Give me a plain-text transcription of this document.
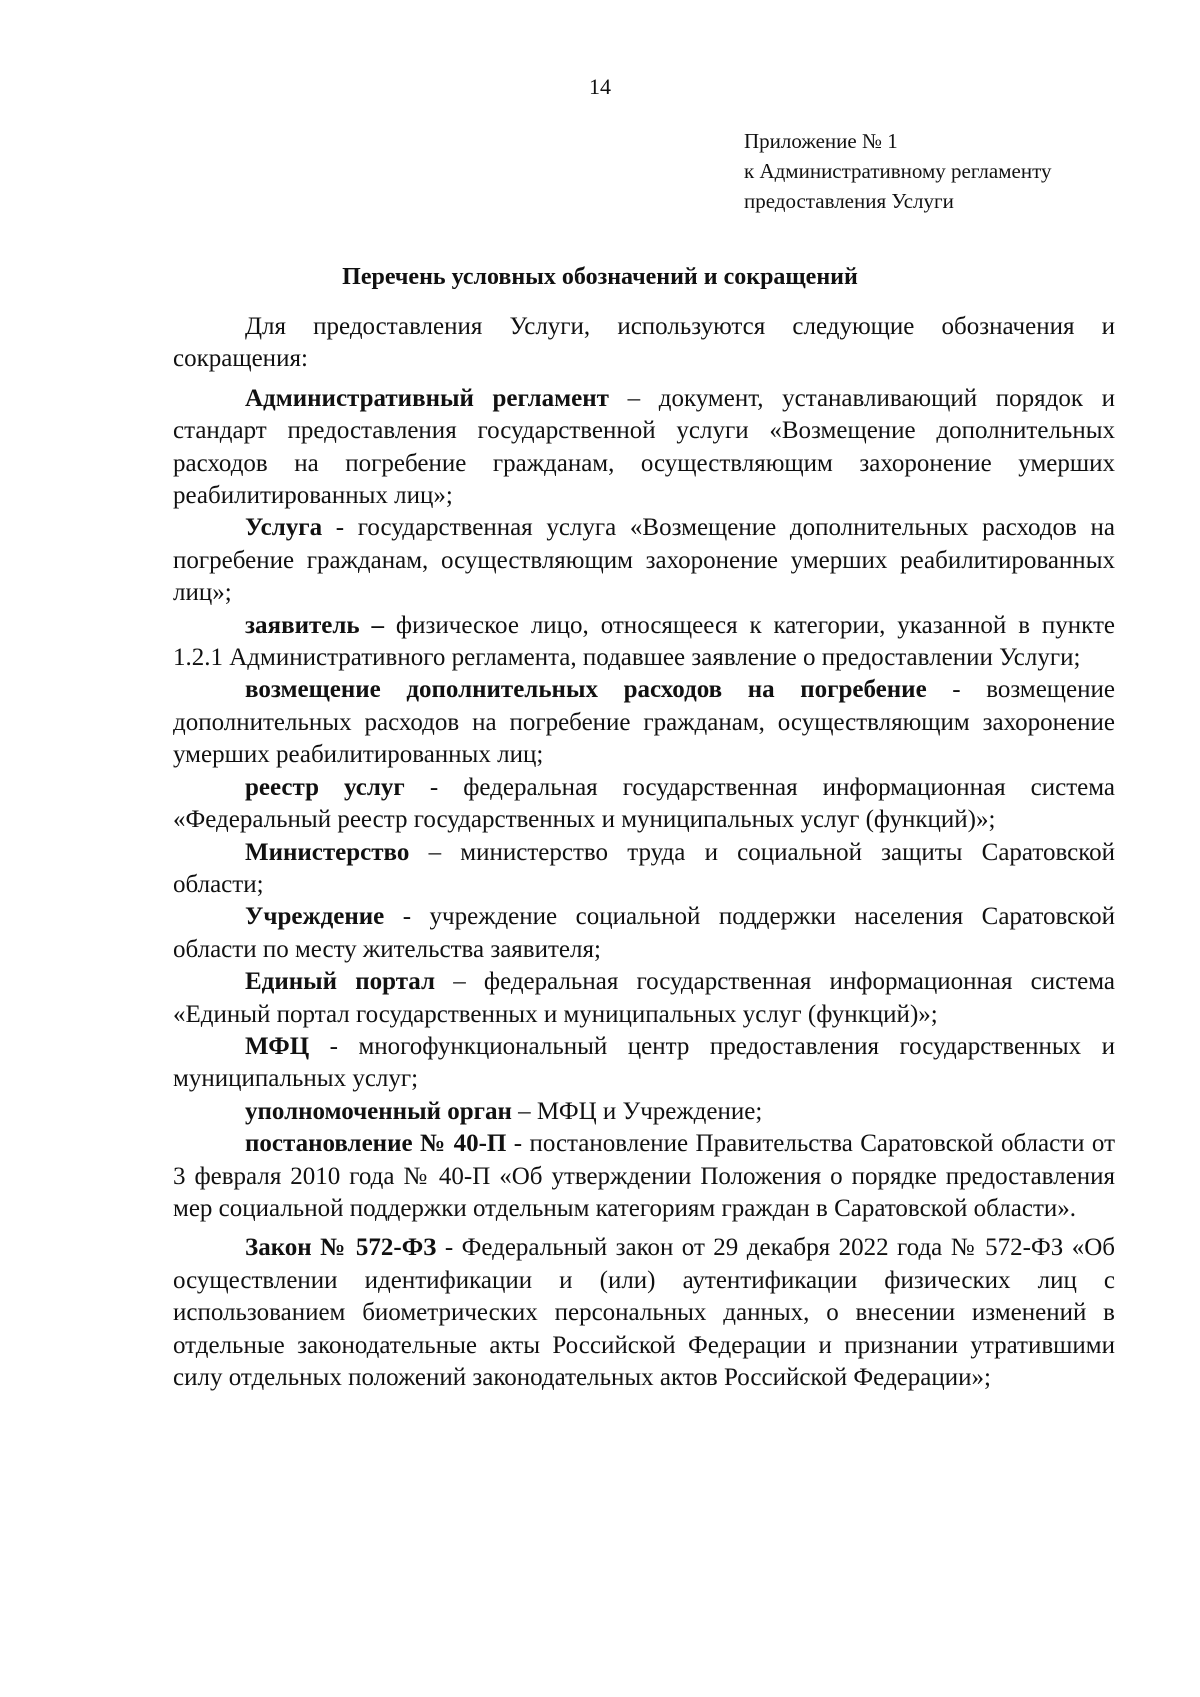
14
Приложение № 1
к Административному регламенту
предоставления Услуги
Перечень условных обозначений и сокращений

Для предоставления Услуги, используются следующие обозначения и сокращения:

Административный регламент – документ, устанавливающий порядок и стандарт предоставления государственной услуги «Возмещение дополнительных расходов на погребение гражданам, осуществляющим захоронение умерших реабилитированных лиц»;

Услуга - государственная услуга «Возмещение дополнительных расходов на погребение гражданам, осуществляющим захоронение умерших реабилитированных лиц»;

заявитель – физическое лицо, относящееся к категории, указанной в пункте 1.2.1 Административного регламента, подавшее заявление о предоставлении Услуги;

возмещение дополнительных расходов на погребение - возмещение дополнительных расходов на погребение гражданам, осуществляющим захоронение умерших реабилитированных лиц;

реестр услуг - федеральная государственная информационная система «Федеральный реестр государственных и муниципальных услуг (функций)»;

Министерство – министерство труда и социальной защиты Саратовской области;

Учреждение - учреждение социальной поддержки населения Саратовской области по месту жительства заявителя;

Единый портал – федеральная государственная информационная система «Единый портал государственных и муниципальных услуг (функций)»;

МФЦ - многофункциональный центр предоставления государственных и муниципальных услуг;

уполномоченный орган – МФЦ и Учреждение;

постановление № 40-П - постановление Правительства Саратовской области от 3 февраля 2010 года № 40-П «Об утверждении Положения о порядке предоставления мер социальной поддержки отдельным категориям граждан в Саратовской области».

Закон № 572-ФЗ - Федеральный закон от 29 декабря 2022 года № 572-ФЗ «Об осуществлении идентификации и (или) аутентификации физических лиц с использованием биометрических персональных данных, о внесении изменений в отдельные законодательные акты Российской Федерации и признании утратившими силу отдельных положений законодательных актов Российской Федерации»;
